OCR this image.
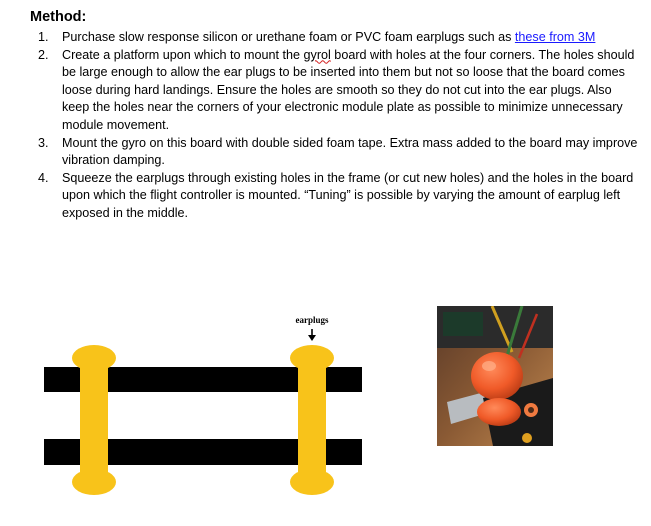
Method:
1. Purchase slow response silicon or urethane foam or PVC foam earplugs such as these from 3M
2. Create a platform upon which to mount the gyrol board with holes at the four corners. The holes should be large enough to allow the ear plugs to be inserted into them but not so loose that the board comes loose during hard landings. Ensure the holes are smooth so they do not cut into the ear plugs. Also keep the holes near the corners of your electronic module plate as possible to minimize unnecessary module movement.
3. Mount the gyro on this board with double sided foam tape. Extra mass added to the board may improve vibration damping.
4. Squeeze the earplugs through existing holes in the frame (or cut new holes) and the holes in the board upon which the flight controller is mounted. “Tuning” is possible by varying the amount of earplug left exposed in the middle.
earplugs
